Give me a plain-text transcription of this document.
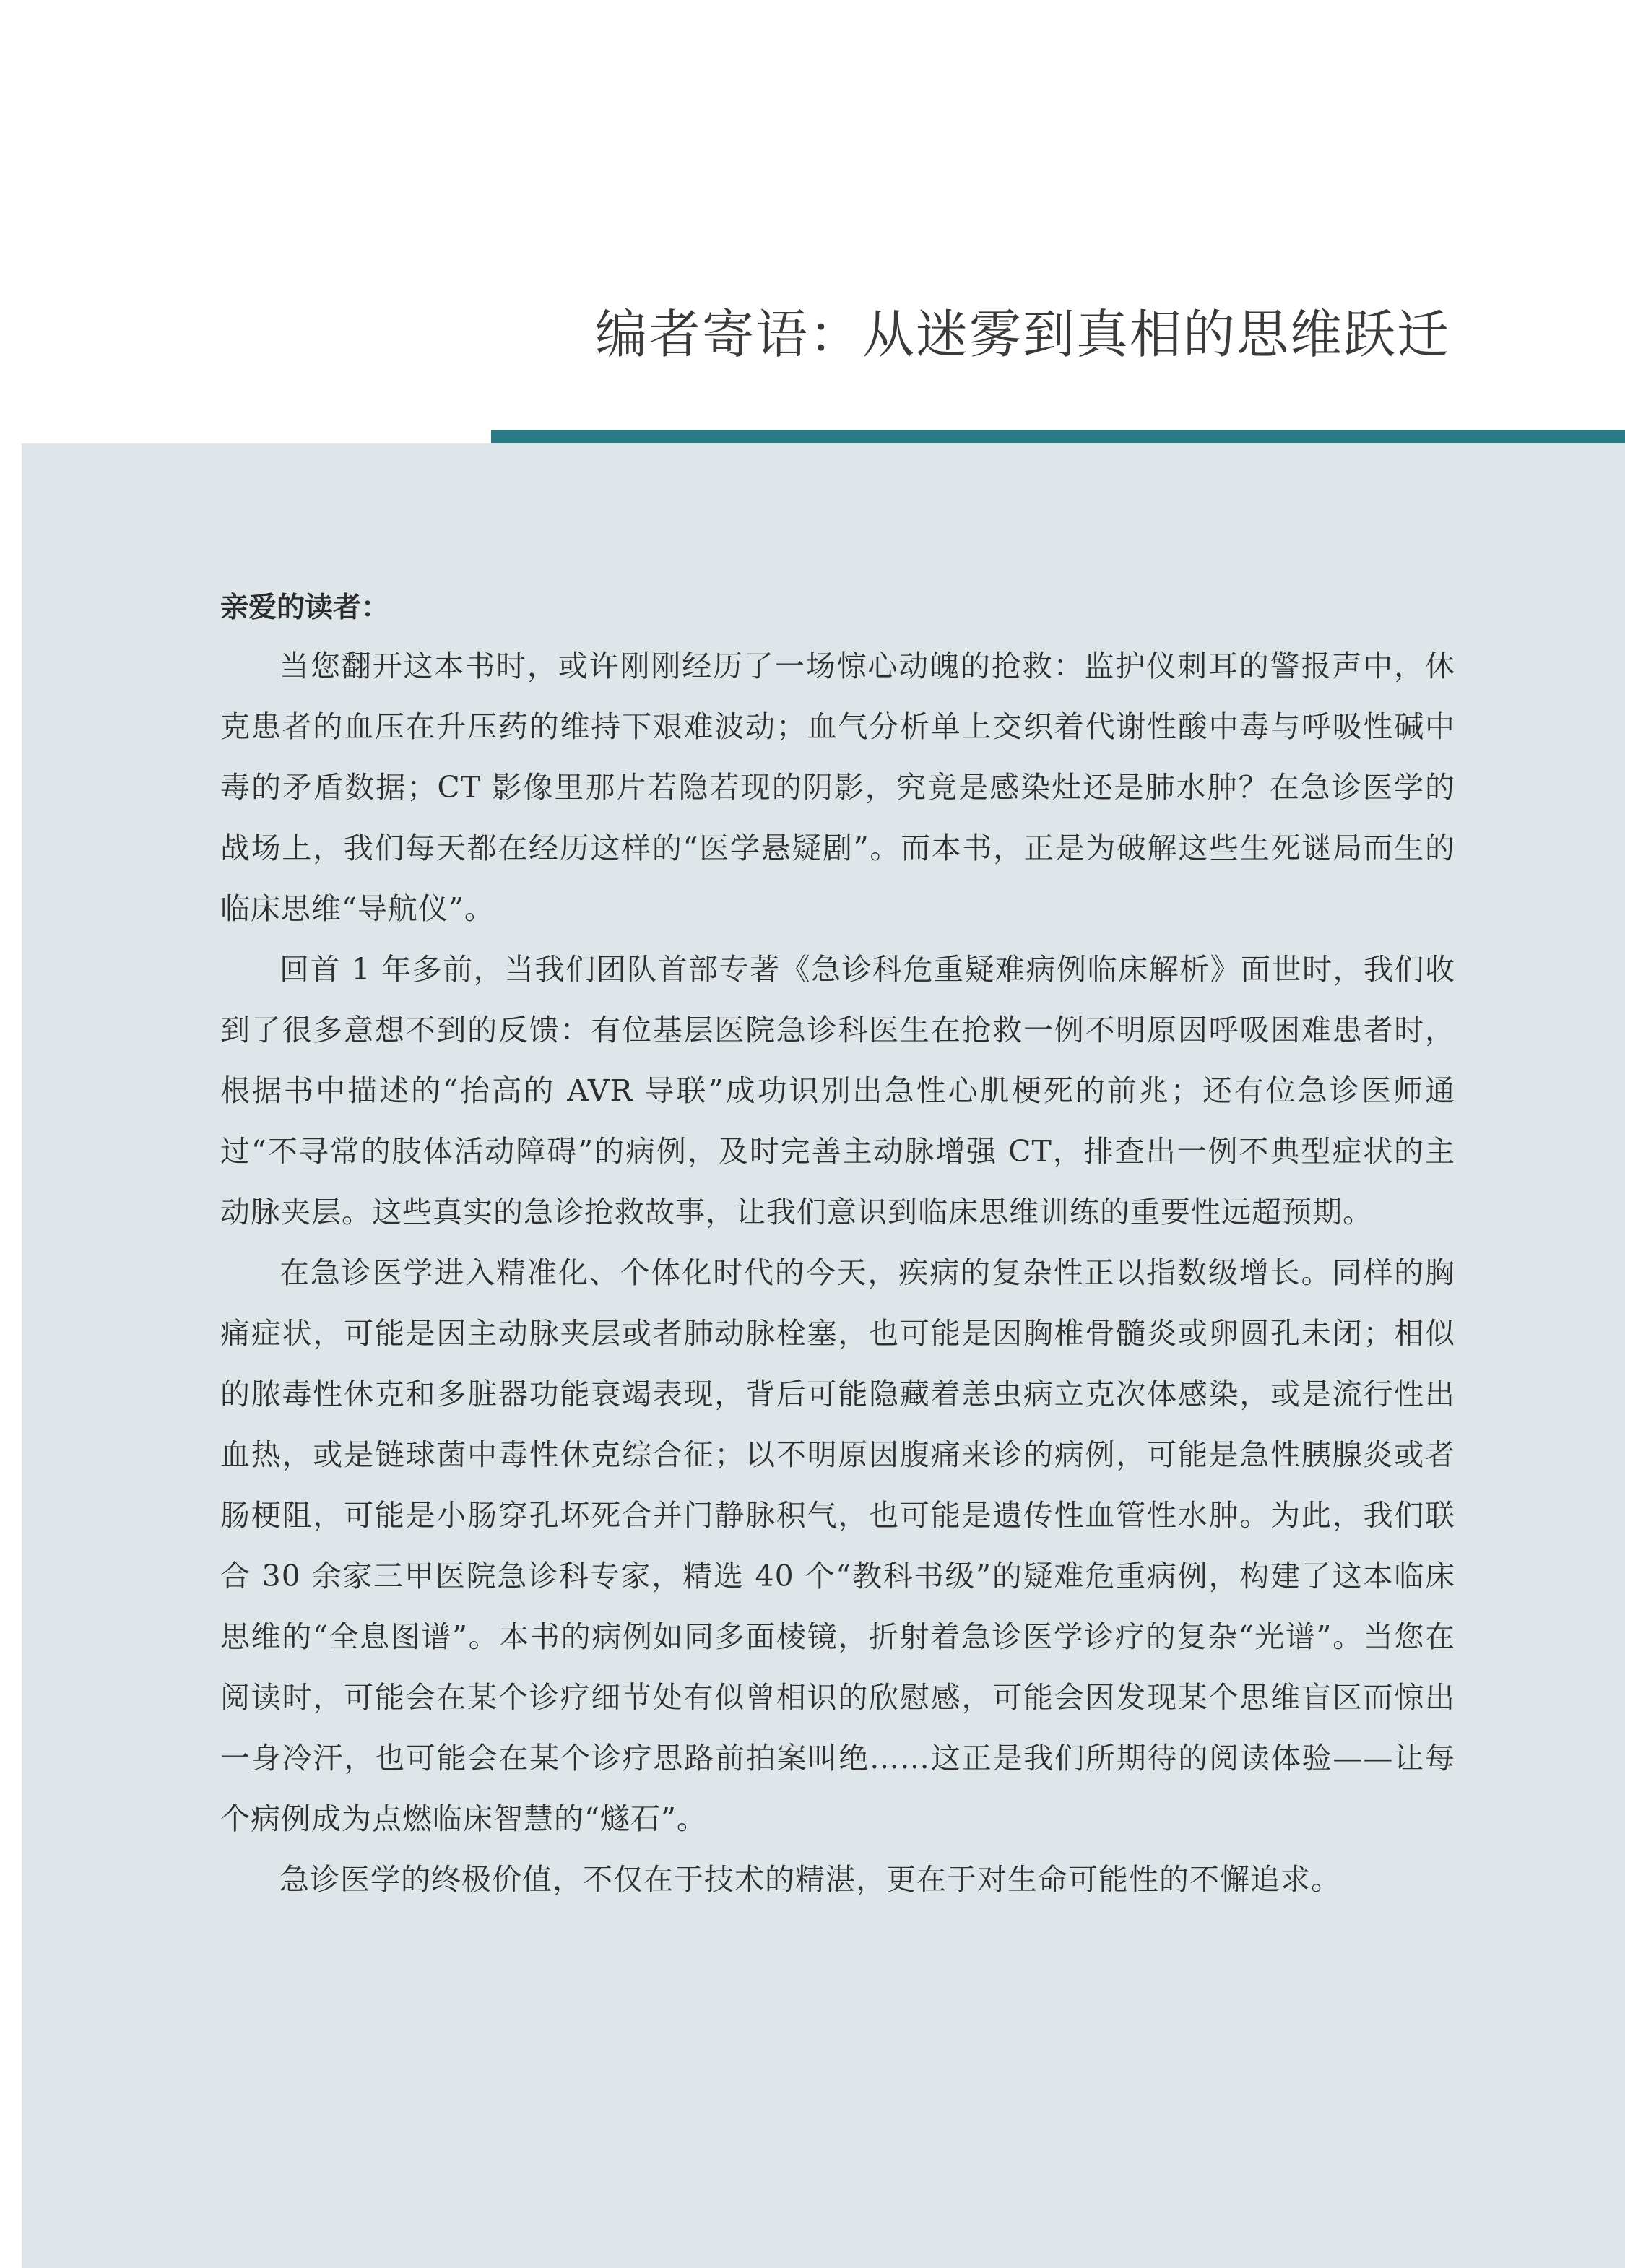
编者寄语：从迷雾到真相的思维跃迁

亲爱的读者：

当您翻开这本书时，或许刚刚经历了一场惊心动魄的抢救：监护仪刺耳的警报声中，休克患者的血压在升压药的维持下艰难波动；血气分析单上交织着代谢性酸中毒与呼吸性碱中毒的矛盾数据；CT 影像里那片若隐若现的阴影，究竟是感染灶还是肺水肿？在急诊医学的战场上，我们每天都在经历这样的“医学悬疑剧”。而本书，正是为破解这些生死谜局而生的临床思维“导航仪”。

回首 1 年多前，当我们团队首部专著《急诊科危重疑难病例临床解析》面世时，我们收到了很多意想不到的反馈：有位基层医院急诊科医生在抢救一例不明原因呼吸困难患者时，根据书中描述的“抬高的 AVR 导联”成功识别出急性心肌梗死的前兆；还有位急诊医师通过“不寻常的肢体活动障碍”的病例，及时完善主动脉增强 CT，排查出一例不典型症状的主动脉夹层。这些真实的急诊抢救故事，让我们意识到临床思维训练的重要性远超预期。

在急诊医学进入精准化、个体化时代的今天，疾病的复杂性正以指数级增长。同样的胸痛症状，可能是因主动脉夹层或者肺动脉栓塞，也可能是因胸椎骨髓炎或卵圆孔未闭；相似的脓毒性休克和多脏器功能衰竭表现，背后可能隐藏着恙虫病立克次体感染，或是流行性出血热，或是链球菌中毒性休克综合征；以不明原因腹痛来诊的病例，可能是急性胰腺炎或者肠梗阻，可能是小肠穿孔坏死合并门静脉积气，也可能是遗传性血管性水肿。为此，我们联合 30 余家三甲医院急诊科专家，精选 40 个“教科书级”的疑难危重病例，构建了这本临床思维的“全息图谱”。本书的病例如同多面棱镜，折射着急诊医学诊疗的复杂“光谱”。当您在阅读时，可能会在某个诊疗细节处有似曾相识的欣慰感，可能会因发现某个思维盲区而惊出一身冷汗，也可能会在某个诊疗思路前拍案叫绝……这正是我们所期待的阅读体验——让每个病例成为点燃临床智慧的“燧石”。

急诊医学的终极价值，不仅在于技术的精湛，更在于对生命可能性的不懈追求。
